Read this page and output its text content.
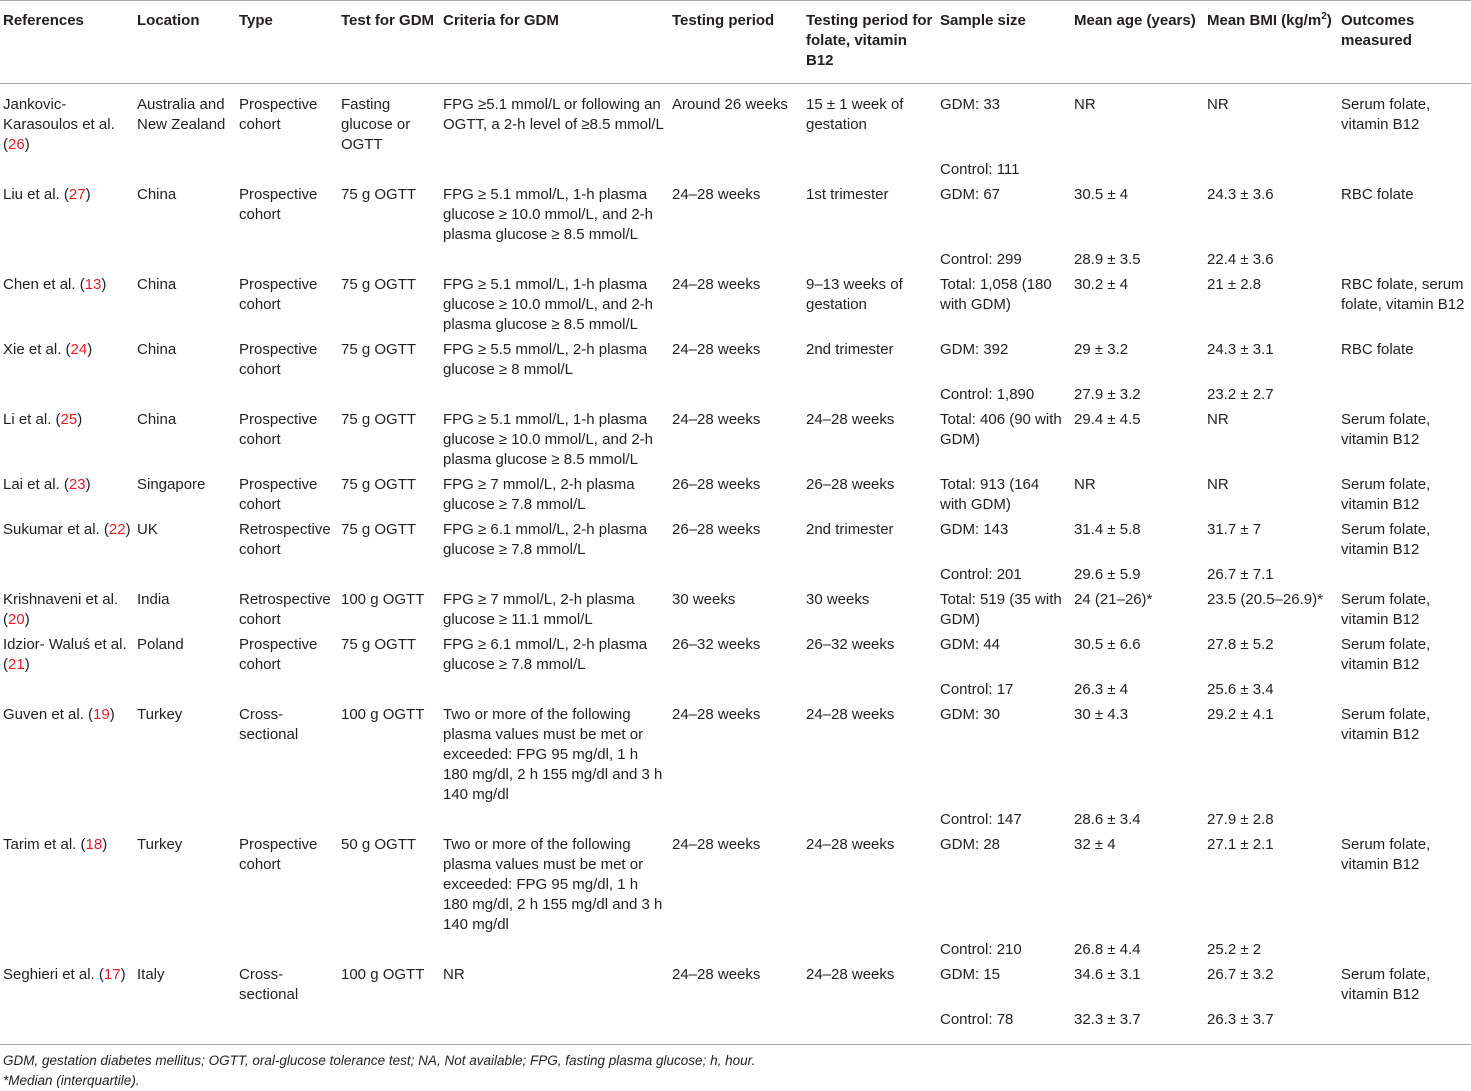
References	Location	Type	Test for GDM	Criteria for GDM	Testing period	Testing period for folate, vitamin B12	Sample size	Mean age (years)	Mean BMI $(kg/m^2)$	Outcomes measured
Jankovic-Karasoulos et al. (26)	Australia and New Zealand	Prospective cohort	Fasting glucose or OGTT	FPG ≥5.1 mmol/L or following an OGTT, a 2-h level of ≥8.5 mmol/L	Around 26 weeks	15 ± 1 week of gestation	GDM: 33	NR	NR	Serum folate, vitamin B12
							Control: 111			
Liu et al. (27)	China	Prospective cohort	75 g OGTT	FPG ≥ 5.1 mmol/L, 1-h plasma glucose ≥ 10.0 mmol/L, and 2-h plasma glucose ≥ 8.5 mmol/L	24–28 weeks	1st trimester	GDM: 67	30.5 ± 4	24.3 ± 3.6	RBC folate
							Control: 299	28.9 ± 3.5	22.4 ± 3.6	
Chen et al. (13)	China	Prospective cohort	75 g OGTT	FPG ≥ 5.1 mmol/L, 1-h plasma glucose ≥ 10.0 mmol/L, and 2-h plasma glucose ≥ 8.5 mmol/L	24–28 weeks	9–13 weeks of gestation	Total: 1,058 (180 with GDM)	30.2 ± 4	21 ± 2.8	RBC folate, serum folate, vitamin B12
Xie et al. (24)	China	Prospective cohort	75 g OGTT	FPG ≥ 5.5 mmol/L, 2-h plasma glucose ≥ 8 mmol/L	24–28 weeks	2nd trimester	GDM: 392	29 ± 3.2	24.3 ± 3.1	RBC folate
							Control: 1,890	27.9 ± 3.2	23.2 ± 2.7	
Li et al. (25)	China	Prospective cohort	75 g OGTT	FPG ≥ 5.1 mmol/L, 1-h plasma glucose ≥ 10.0 mmol/L, and 2-h plasma glucose ≥ 8.5 mmol/L	24–28 weeks	24–28 weeks	Total: 406 (90 with GDM)	29.4 ± 4.5	NR	Serum folate, vitamin B12
Lai et al. (23)	Singapore	Prospective cohort	75 g OGTT	FPG ≥ 7 mmol/L, 2-h plasma glucose ≥ 7.8 mmol/L	26–28 weeks	26–28 weeks	Total: 913 (164 with GDM)	NR	NR	Serum folate, vitamin B12
Sukumar et al. (22)	UK	Retrospective cohort	75 g OGTT	FPG ≥ 6.1 mmol/L, 2-h plasma glucose ≥ 7.8 mmol/L	26–28 weeks	2nd trimester	GDM: 143	31.4 ± 5.8	31.7 ± 7	Serum folate, vitamin B12
							Control: 201	29.6 ± 5.9	26.7 ± 7.1	
Krishnaveni et al. (20)	India	Retrospective cohort	100 g OGTT	FPG ≥ 7 mmol/L, 2-h plasma glucose ≥ 11.1 mmol/L	30 weeks	30 weeks	Total: 519 (35 with GDM)	24 (21–26)*	23.5 (20.5–26.9)*	Serum folate, vitamin B12
Idzior- Waluś et al. (21)	Poland	Prospective cohort	75 g OGTT	FPG ≥ 6.1 mmol/L, 2-h plasma glucose ≥ 7.8 mmol/L	26–32 weeks	26–32 weeks	GDM: 44	30.5 ± 6.6	27.8 ± 5.2	Serum folate, vitamin B12
							Control: 17	26.3 ± 4	25.6 ± 3.4	
Guven et al. (19)	Turkey	Cross-sectional	100 g OGTT	Two or more of the following plasma values must be met or exceeded: FPG 95 mg/dl, 1 h 180 mg/dl, 2 h 155 mg/dl and 3 h 140 mg/dl	24–28 weeks	24–28 weeks	GDM: 30	30 ± 4.3	29.2 ± 4.1	Serum folate, vitamin B12
							Control: 147	28.6 ± 3.4	27.9 ± 2.8	
Tarim et al. (18)	Turkey	Prospective cohort	50 g OGTT	Two or more of the following plasma values must be met or exceeded: FPG 95 mg/dl, 1 h 180 mg/dl, 2 h 155 mg/dl and 3 h 140 mg/dl	24–28 weeks	24–28 weeks	GDM: 28	32 ± 4	27.1 ± 2.1	Serum folate, vitamin B12
							Control: 210	26.8 ± 4.4	25.2 ± 2	
Seghieri et al. (17)	Italy	Cross-sectional	100 g OGTT	NR	24–28 weeks	24–28 weeks	GDM: 15	34.6 ± 3.1	26.7 ± 3.2	Serum folate, vitamin B12
							Control: 78	32.3 ± 3.7	26.3 ± 3.7	
GDM, gestation diabetes mellitus; OGTT, oral-glucose tolerance test; NA, Not available; FPG, fasting plasma glucose; h, hour.
*Median (interquartile).
